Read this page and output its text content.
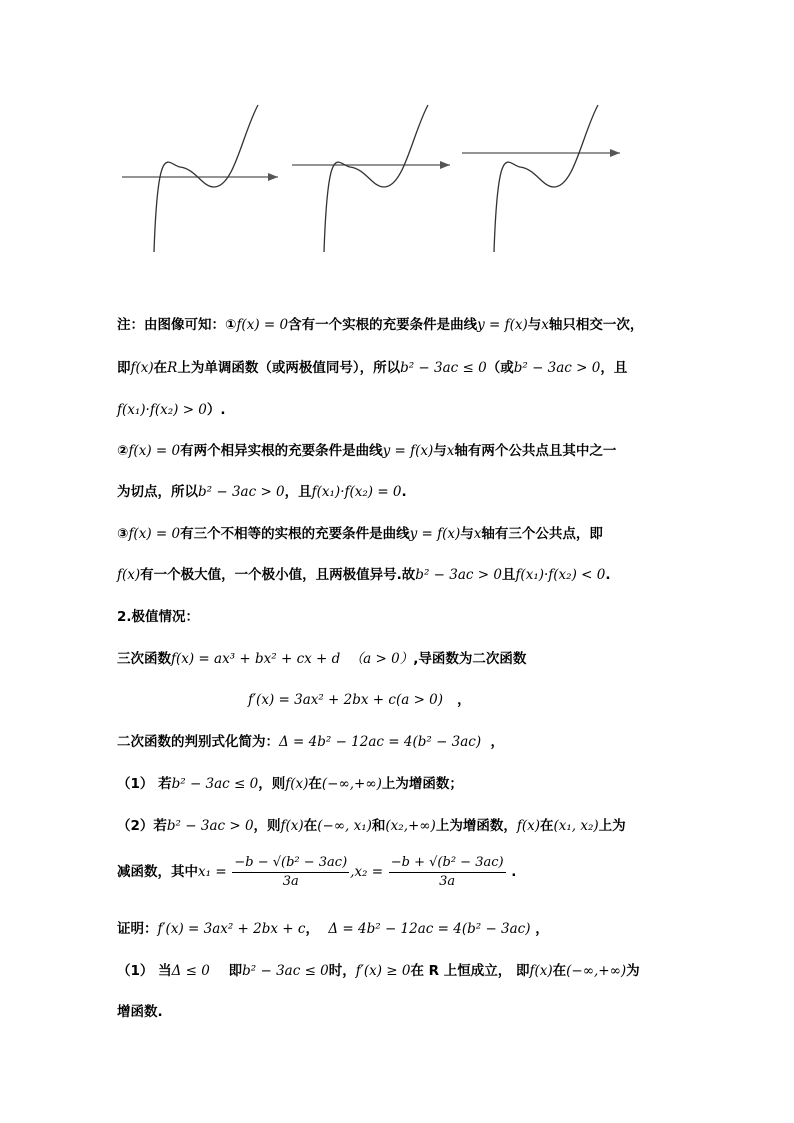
注：由图像可知：①f(x) = 0含有一个实根的充要条件是曲线y = f(x)与x轴只相交一次，
即f(x)在R上为单调函数（或两极值同号），所以b² − 3ac ≤ 0（或b² − 3ac > 0，且
f(x₁)·f(x₂) > 0）.
②f(x) = 0有两个相异实根的充要条件是曲线y = f(x)与x轴有两个公共点且其中之一
为切点，所以b² − 3ac > 0，且f(x₁)·f(x₂) = 0.
③f(x) = 0有三个不相等的实根的充要条件是曲线y = f(x)与x轴有三个公共点，即
f(x)有一个极大值，一个极小值，且两极值异号.故b² − 3ac > 0且f(x₁)·f(x₂) < 0.
2.极值情况：
三次函数f(x) = ax³ + bx² + cx + d （a > 0）,导函数为二次函数
f′(x) = 3ax² + 2bx + c(a > 0) ，
二次函数的判别式化简为：Δ = 4b² − 12ac = 4(b² − 3ac) ，
（1） 若b² − 3ac ≤ 0，则f(x)在(−∞,+∞)上为增函数；
（2）若b² − 3ac > 0，则f(x)在(−∞, x₁)和(x₂,+∞)上为增函数，f(x)在(x₁, x₂)上为
减函数，其中$x_1 = \frac{\text{−b − √(b² − 3ac)}}{3a} ,x_2 = \frac{\text{−b + √(b² − 3ac)}}{3a}$ .
证明：f′(x) = 3ax² + 2bx + c， Δ = 4b² − 12ac = 4(b² − 3ac) ，
（1） 当Δ ≤ 0 即b² − 3ac ≤ 0时，f′(x) ≥ 0在 R 上恒成立， 即f(x)在(−∞,+∞)为
增函数.
